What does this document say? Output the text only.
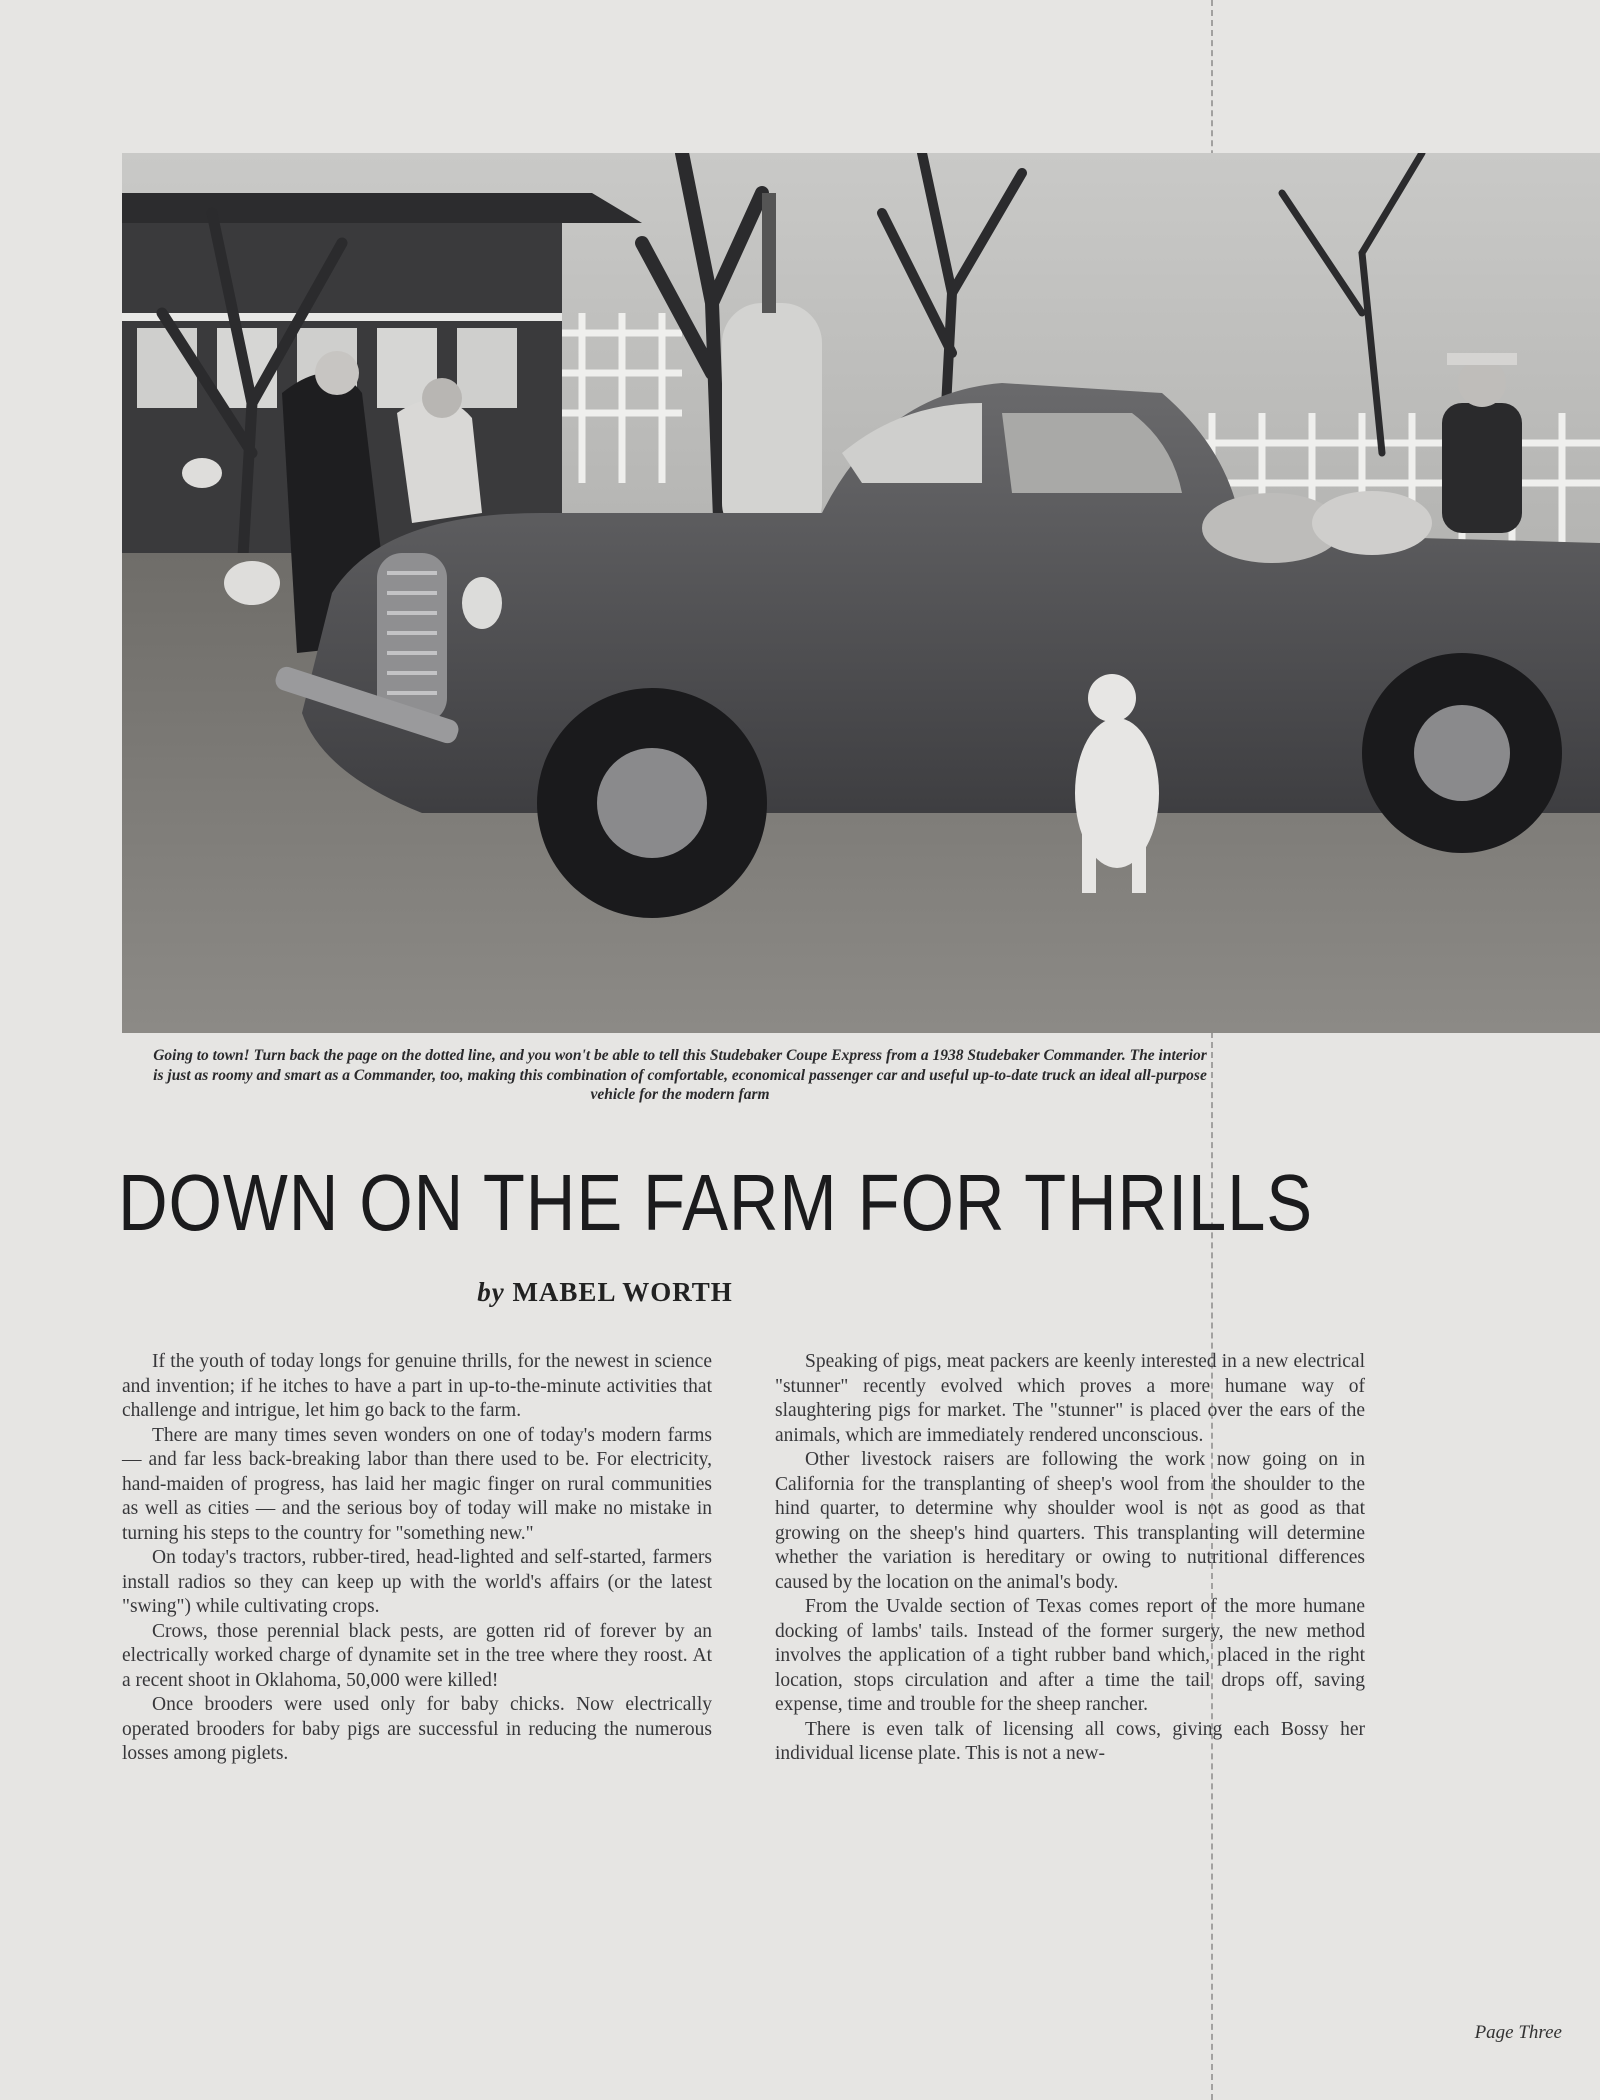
Going to town! Turn back the page on the dotted line, and you won't be able to tell this Studebaker Coupe Express from a 1938 Studebaker Commander. The interior is just as roomy and smart as a Commander, too, making this combination of comfortable, economical passenger car and useful up-to-date truck an ideal all-purpose vehicle for the modern farm

DOWN ON THE FARM FOR THRILLS

by MABEL WORTH

If the youth of today longs for genuine thrills, for the newest in science and invention; if he itches to have a part in up-to-the-minute activities that challenge and intrigue, let him go back to the farm.

There are many times seven wonders on one of today's modern farms — and far less back-breaking labor than there used to be. For electricity, hand-maiden of progress, has laid her magic finger on rural communities as well as cities — and the serious boy of today will make no mistake in turning his steps to the country for "something new."

On today's tractors, rubber-tired, head-lighted and self-started, farmers install radios so they can keep up with the world's affairs (or the latest "swing") while cultivating crops.

Crows, those perennial black pests, are gotten rid of forever by an electrically worked charge of dynamite set in the tree where they roost. At a recent shoot in Oklahoma, 50,000 were killed!

Once brooders were used only for baby chicks. Now electrically operated brooders for baby pigs are successful in reducing the numerous losses among piglets.

Speaking of pigs, meat packers are keenly interested in a new electrical "stunner" recently evolved which proves a more humane way of slaughtering pigs for market. The "stunner" is placed over the ears of the animals, which are immediately rendered unconscious.

Other livestock raisers are following the work now going on in California for the transplanting of sheep's wool from the shoulder to the hind quarter, to determine why shoulder wool is not as good as that growing on the sheep's hind quarters. This transplanting will determine whether the variation is hereditary or owing to nutritional differences caused by the location on the animal's body.

From the Uvalde section of Texas comes report of the more humane docking of lambs' tails. Instead of the former surgery, the new method involves the application of a tight rubber band which, placed in the right location, stops circulation and after a time the tail drops off, saving expense, time and trouble for the sheep rancher.

There is even talk of licensing all cows, giving each Bossy her individual license plate. This is not a new-

Page Three
